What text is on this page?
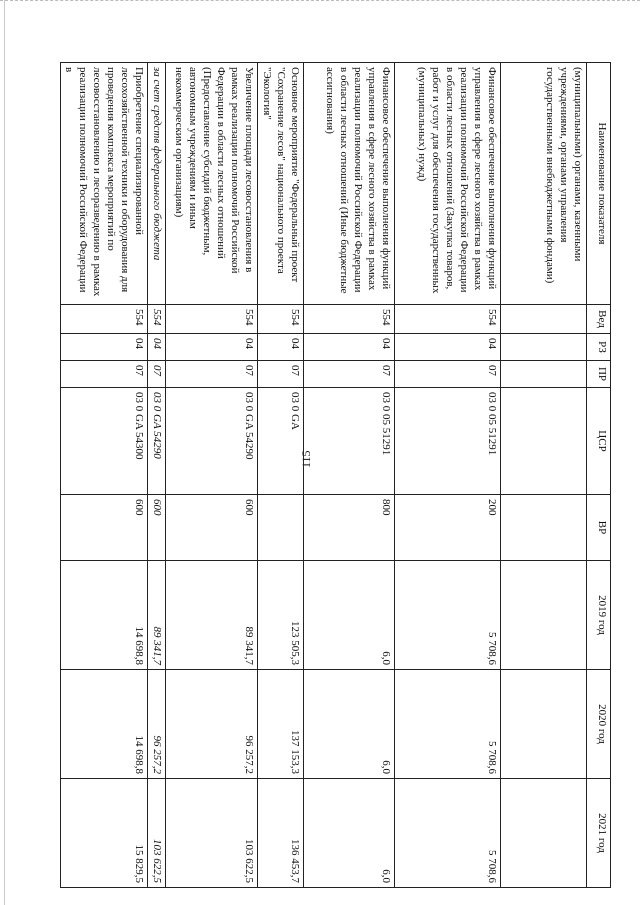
115
Наименование показателя	Вед	РЗ	ПР	ЦСР	ВР	2019 год	2020 год	2021 год
(муниципальными) органами, казенными учреждениями, органами управления государственными внебюджетными фондами)								
Финансовое обеспечение выполнения функций управления в сфере лесного хозяйства в рамках реализации полномочий Российской Федерации в области лесных отношений (Закупка товаров, работ и услуг для обеспечения государственных (муниципальных) нужд)	554	04	07	03 0 05 51291	200	5 708,6	5 708,6	5 708,6
Финансовое обеспечение выполнения функций управления в сфере лесного хозяйства в рамках реализации полномочий Российской Федерации в области лесных отношений (Иные бюджетные ассигнования)	554	04	07	03 0 05 51291	800	6,0	6,0	6,0
Основное мероприятие "Федеральный проект "Сохранение лесов" национального проекта "Экология"	554	04	07	03 0 GA		123 505,3	137 153,3	136 453,7
Увеличение площади лесовосстановления в рамках реализации полномочий Российской Федерации в области лесных отношений (Предоставление субсидий бюджетным, автономным учреждениям и иным некоммерческим организациям)	554	04	07	03 0 GA 54290	600	89 341,7	96 257,2	103 622,5
за счет средств федерального бюджета	554	04	07	03 0 GA 54290	600	89 341,7	96 257,2	103 622,5
Приобретение специализированной лесохозяйственной техники и оборудования для проведения комплекса мероприятий по лесовосстановлению и лесоразведению в рамках реализации полномочий Российской Федерации в	554	04	07	03 0 GA 54300	600	14 698,8	14 698,8	15 829,5
